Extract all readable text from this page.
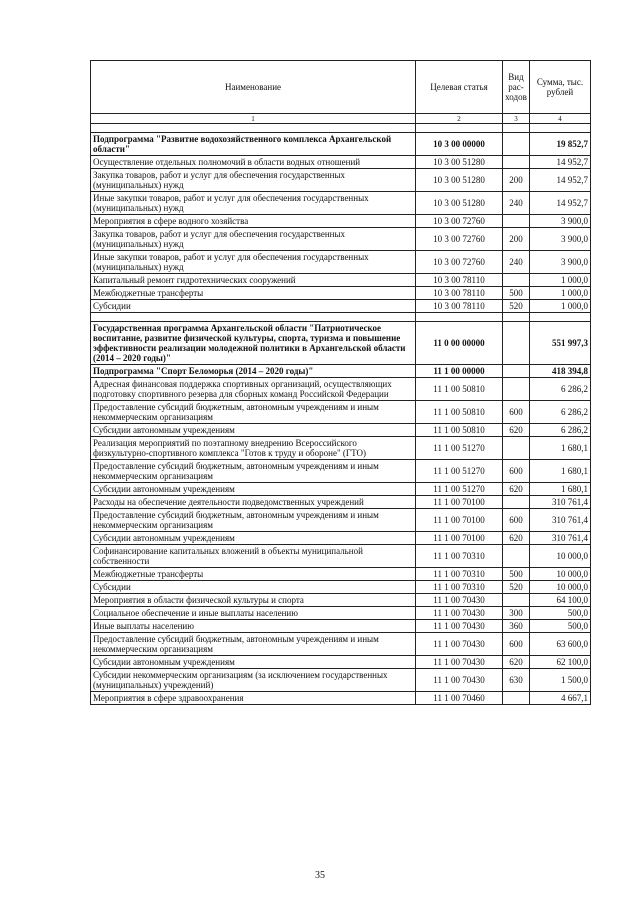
Наименование	Целевая статья	Вид рас-ходов	Сумма, тыс. рублей
1	2	3	4

Подпрограмма "Развитие водохозяйственного комплекса Архангельской области"	10 3 00 00000		19 852,7
Осуществление отдельных полномочий в области водных отношений	10 3 00 51280		14 952,7
Закупка товаров, работ и услуг для обеспечения государственных (муниципальных) нужд	10 3 00 51280	200	14 952,7
Иные закупки товаров, работ и услуг для обеспечения государственных (муниципальных) нужд	10 3 00 51280	240	14 952,7
Мероприятия в сфере водного хозяйства	10 3 00 72760		3 900,0
Закупка товаров, работ и услуг для обеспечения государственных (муниципальных) нужд	10 3 00 72760	200	3 900,0
Иные закупки товаров, работ и услуг для обеспечения государственных (муниципальных) нужд	10 3 00 72760	240	3 900,0
Капитальный ремонт гидротехнических сооружений	10 3 00 78110		1 000,0
Межбюджетные трансферты	10 3 00 78110	500	1 000,0
Субсидии	10 3 00 78110	520	1 000,0

Государственная программа Архангельской области "Патриотическое воспитание, развитие физической культуры, спорта, туризма и повышение эффективности реализации молодежной политики в Архангельской области (2014 – 2020 годы)"	11 0 00 00000		551 997,3
Подпрограмма "Спорт Беломорья (2014 – 2020 годы)"	11 1 00 00000		418 394,8
Адресная финансовая поддержка спортивных организаций, осуществляющих подготовку спортивного резерва для сборных команд Российской Федерации	11 1 00 50810		6 286,2
Предоставление субсидий бюджетным, автономным учреждениям и иным некоммерческим организациям	11 1 00 50810	600	6 286,2
Субсидии автономным учреждениям	11 1 00 50810	620	6 286,2
Реализация мероприятий по поэтапному внедрению Всероссийского физкультурно-спортивного комплекса "Готов к труду и обороне" (ГТО)	11 1 00 51270		1 680,1
Предоставление субсидий бюджетным, автономным учреждениям и иным некоммерческим организациям	11 1 00 51270	600	1 680,1
Субсидии автономным учреждениям	11 1 00 51270	620	1 680,1
Расходы на обеспечение деятельности подведомственных учреждений	11 1 00 70100		310 761,4
Предоставление субсидий бюджетным, автономным учреждениям и иным некоммерческим организациям	11 1 00 70100	600	310 761,4
Субсидии автономным учреждениям	11 1 00 70100	620	310 761,4
Софинансирование капитальных вложений в объекты муниципальной собственности	11 1 00 70310		10 000,0
Межбюджетные трансферты	11 1 00 70310	500	10 000,0
Субсидии	11 1 00 70310	520	10 000,0
Мероприятия в области физической культуры и спорта	11 1 00 70430		64 100,0
Социальное обеспечение и иные выплаты населению	11 1 00 70430	300	500,0
Иные выплаты населению	11 1 00 70430	360	500,0
Предоставление субсидий бюджетным, автономным учреждениям и иным некоммерческим организациям	11 1 00 70430	600	63 600,0
Субсидии автономным учреждениям	11 1 00 70430	620	62 100,0
Субсидии некоммерческим организациям (за исключением государственных (муниципальных) учреждений)	11 1 00 70430	630	1 500,0
Мероприятия в сфере здравоохранения	11 1 00 70460		4 667,1
35
